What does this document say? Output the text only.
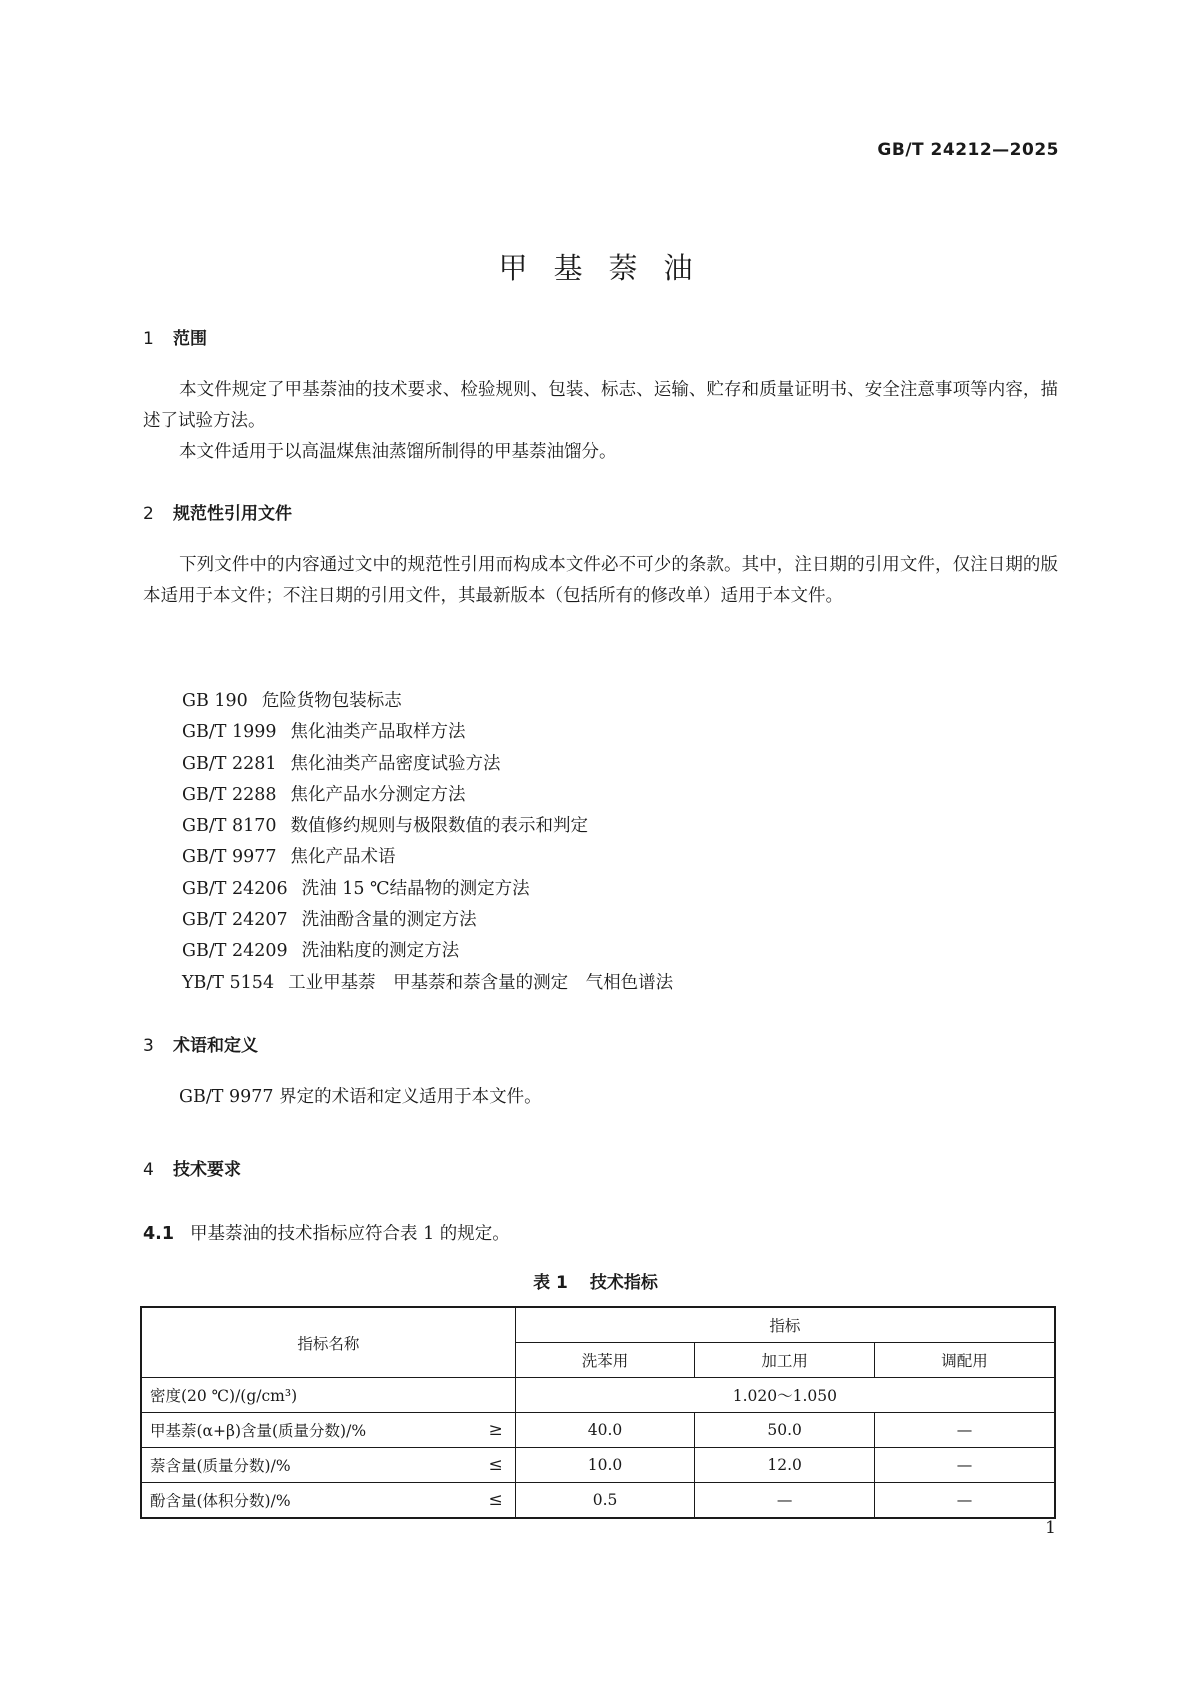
GB/T 24212—2025
甲基萘油
1 范围
本文件规定了甲基萘油的技术要求、检验规则、包装、标志、运输、贮存和质量证明书、安全注意事项等内容，描述了试验方法。
本文件适用于以高温煤焦油蒸馏所制得的甲基萘油馏分。
2 规范性引用文件
下列文件中的内容通过文中的规范性引用而构成本文件必不可少的条款。其中，注日期的引用文件，仅注日期的版本适用于本文件；不注日期的引用文件，其最新版本（包括所有的修改单）适用于本文件。
GB 190 危险货物包装标志
GB/T 1999 焦化油类产品取样方法
GB/T 2281 焦化油类产品密度试验方法
GB/T 2288 焦化产品水分测定方法
GB/T 8170 数值修约规则与极限数值的表示和判定
GB/T 9977 焦化产品术语
GB/T 24206 洗油 15 ℃结晶物的测定方法
GB/T 24207 洗油酚含量的测定方法
GB/T 24209 洗油粘度的测定方法
YB/T 5154 工业甲基萘　甲基萘和萘含量的测定　气相色谱法
3 术语和定义
GB/T 9977 界定的术语和定义适用于本文件。
4 技术要求
4.1 甲基萘油的技术指标应符合表 1 的规定。
表 1 技术指标
指标名称	指标		
	洗苯用	加工用	调配用
密度(20 ℃)/(g/cm³)	1.020～1.050		
甲基萘(α+β)含量(质量分数)/% ≥	40.0	50.0	—
萘含量(质量分数)/% ≤	10.0	12.0	—
酚含量(体积分数)/% ≤	0.5	—	—
1
